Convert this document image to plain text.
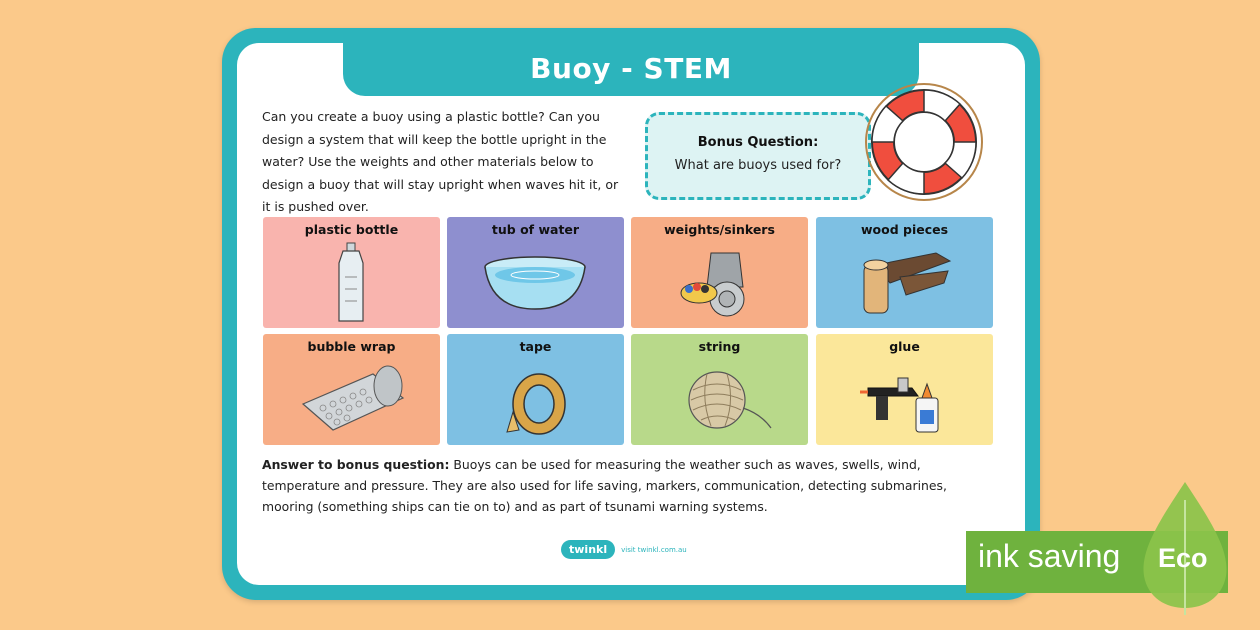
Buoy - STEM
Can you create a buoy using a plastic bottle? Can you design a system that will keep the bottle upright in the water? Use the weights and other materials below to design a buoy that will stay upright when waves hit it, or it is pushed over.
Bonus Question:
What are buoys used for?
plastic bottle	tub of water	weights/sinkers	wood pieces
bubble wrap	tape	string	glue
Answer to bonus question: Buoys can be used for measuring the weather such as waves, swells, wind, temperature and pressure. They are also used for life saving, markers, communication, detecting submarines, mooring (something ships can tie on to) and as part of tsunami warning systems.
twinkl	visit twinkl.com.au	ink saving Eco
